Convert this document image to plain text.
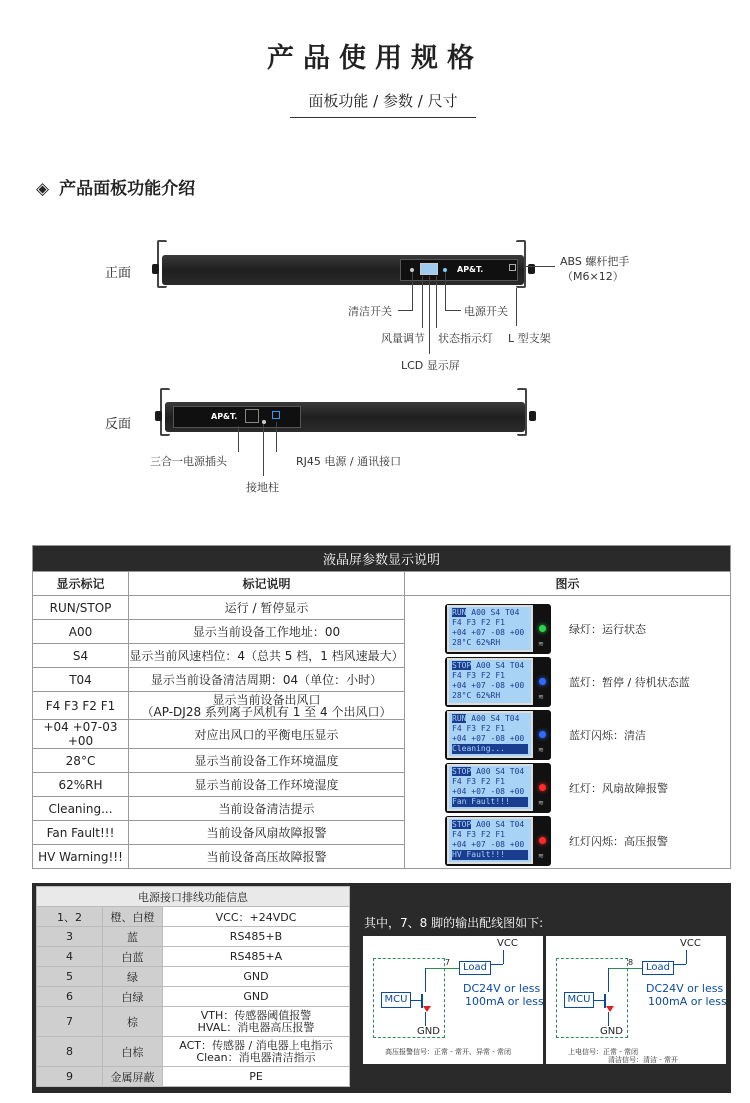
产品使用规格
面板功能 / 参数 / 尺寸
◈ 产品面板功能介绍
正面	AP&T.
ABS 螺杆把手
（M6×12）
清洁开关	电源开关
风量调节 状态指示灯 L 型支架
LCD 显示屏
反面
AP&T.
三合一电源插头	RJ45 电源 / 通讯接口
接地柱
液晶屏参数显示说明		
显示标记	标记说明	图示
RUN/STOP	运行 / 暂停显示	
A00	显示当前设备工作地址：00	
S4	显示当前风速档位：4（总共 5 档，1 档风速最大）	
T04	显示当前设备清洁周期：04（单位：小时）	
F4 F3 F2 F1	显示当前设备出风口
（AP-DJ28 系列离子风机有 1 至 4 个出风口）	
+04 +07-03 +00	对应出风口的平衡电压显示	
28°C	显示当前设备工作环境温度	
62%RH	显示当前设备工作环境湿度	
Cleaning...	当前设备清洁提示	
Fan Fault!!!	当前设备风扇故障报警	
HV Warning!!!	当前设备高压故障报警	
RUN A00 S4 T04
F4 F3 F2 F1
+04 +07 -08 +00
28°C 62%RH	≋
绿灯：运行状态
STOP A00 S4 T04
F4 F3 F2 F1
+04 +07 -08 +00
28°C 62%RH	≋
蓝灯：暂停 / 待机状态蓝
RUN A00 S4 T04
F4 F3 F2 F1
+04 +07 -08 +00
Cleaning...	≋
蓝灯闪烁：清洁
STOP A00 S4 T04
F4 F3 F2 F1
+04 +07 -08 +00
Fan Fault!!!	≋
红灯：风扇故障报警
STOP A00 S4 T04
F4 F3 F2 F1
+04 +07 -08 +00
HV Fault!!!	≋
红灯闪烁：高压报警
电源接口排线功能信息		
1、2	橙、白橙	VCC：+24VDC
3	蓝	RS485+B
4	白蓝	RS485+A
5	绿	GND
6	白绿	GND
7	棕	VTH：传感器阈值报警
HVAL：消电器高压报警
8	白棕	ACT：传感器 / 消电器上电指示
Clean：消电器清洁指示
9	金属屏蔽	PE
其中，7、8 脚的输出配线图如下:
VCC
Load
7
MCU
GND
DC24V or less
100mA or less
高压报警信号：正常 - 常开、异常 - 常闭
VCC
Load
8
MCU
GND
DC24V or less
100mA or less
上电信号：正常 - 常闭
清洁信号：清洁 - 常开
